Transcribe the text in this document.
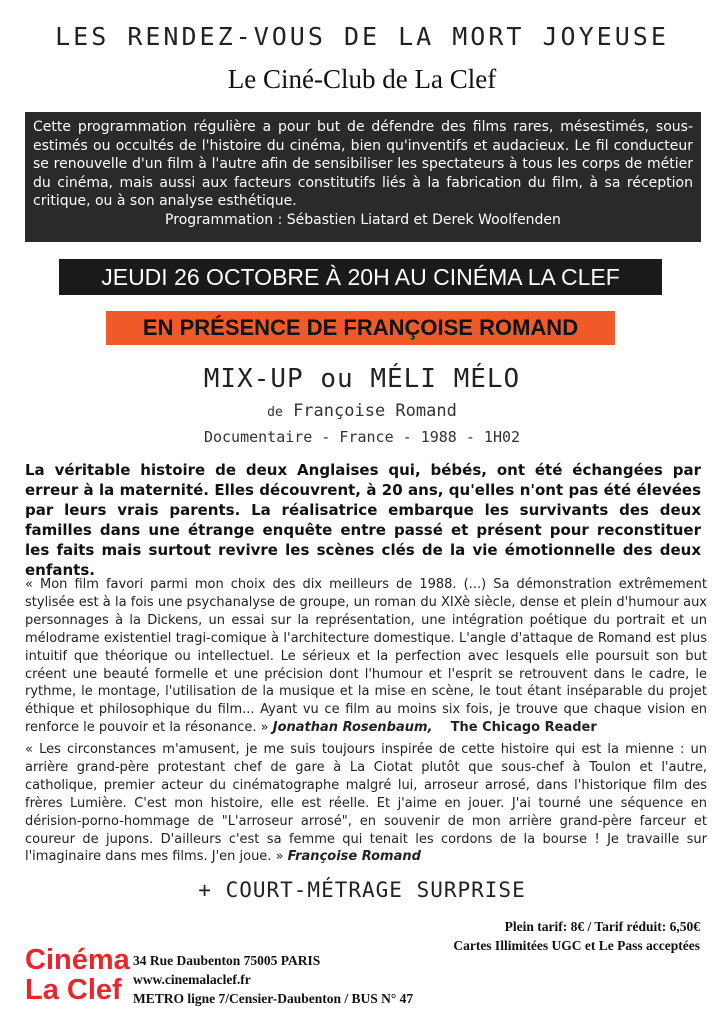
LES RENDEZ-VOUS DE LA MORT JOYEUSE
Le Ciné-Club de La Clef
Cette programmation régulière a pour but de défendre des films rares, mésestimés, sous-estimés ou occultés de l'histoire du cinéma, bien qu'inventifs et audacieux. Le fil conducteur se renouvelle d'un film à l'autre afin de sensibiliser les spectateurs à tous les corps de métier du cinéma, mais aussi aux facteurs constitutifs liés à la fabrication du film, à sa réception critique, ou à son analyse esthétique.
Programmation : Sébastien Liatard et Derek Woolfenden
JEUDI 26 OCTOBRE À 20H AU CINÉMA LA CLEF
EN PRÉSENCE DE FRANÇOISE ROMAND
MIX-UP ou MÉLI MÉLO
de Françoise Romand
Documentaire - France - 1988 - 1H02
La véritable histoire de deux Anglaises qui, bébés, ont été échangées par erreur à la maternité. Elles découvrent, à 20 ans, qu'elles n'ont pas été élevées par leurs vrais parents. La réalisatrice embarque les survivants des deux familles dans une étrange enquête entre passé et présent pour reconstituer les faits mais surtout revivre les scènes clés de la vie émotionnelle des deux enfants.
« Mon film favori parmi mon choix des dix meilleurs de 1988. (...) Sa démonstration extrêmement stylisée est à la fois une psychanalyse de groupe, un roman du XIXè siècle, dense et plein d'humour aux personnages à la Dickens, un essai sur la représentation, une intégration poétique du portrait et un mélodrame existentiel tragi-comique à l'architecture domestique. L'angle d'attaque de Romand est plus intuitif que théorique ou intellectuel. Le sérieux et la perfection avec lesquels elle poursuit son but créent une beauté formelle et une précision dont l'humour et l'esprit se retrouvent dans le cadre, le rythme, le montage, l'utilisation de la musique et la mise en scène, le tout étant inséparable du projet éthique et philosophique du film... Ayant vu ce film au moins six fois, je trouve que chaque vision en renforce le pouvoir et la résonance. » Jonathan Rosenbaum, The Chicago Reader
« Les circonstances m'amusent, je me suis toujours inspirée de cette histoire qui est la mienne : un arrière grand-père protestant chef de gare à La Ciotat plutôt que sous-chef à Toulon et l'autre, catholique, premier acteur du cinématographe malgré lui, arroseur arrosé, dans l'historique film des frères Lumière. C'est mon histoire, elle est réelle. Et j'aime en jouer. J'ai tourné une séquence en dérision-porno-hommage de "L'arroseur arrosé", en souvenir de mon arrière grand-père farceur et coureur de jupons. D'ailleurs c'est sa femme qui tenait les cordons de la bourse ! Je travaille sur l'imaginaire dans mes films. J'en joue. » Françoise Romand
+ COURT-MÉTRAGE SURPRISE
Plein tarif: 8€ / Tarif réduit: 6,50€
Cartes Illimitées UGC et Le Pass acceptées
Cinéma
La Clef
34 Rue Daubenton 75005 PARIS
www.cinemalaclef.fr
METRO ligne 7/Censier-Daubenton / BUS N° 47
